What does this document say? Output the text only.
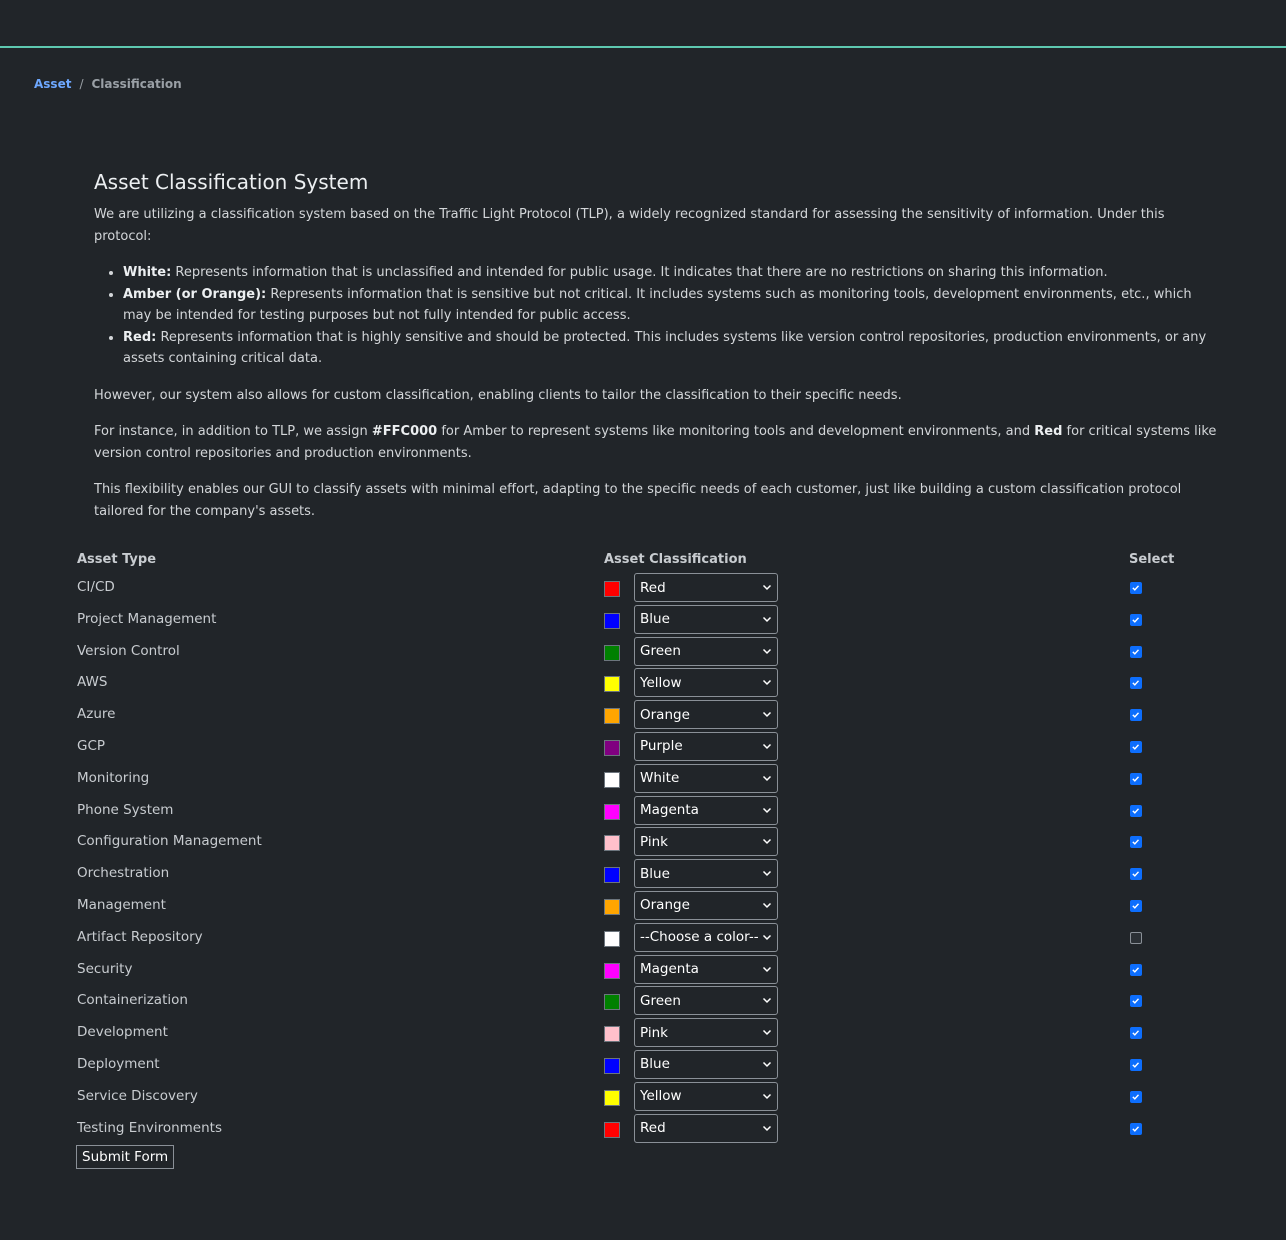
Asset / Classification
Asset Classification System

We are utilizing a classification system based on the Traffic Light Protocol (TLP), a widely recognized standard for assessing the sensitivity of information. Under this protocol:

• White: Represents information that is unclassified and intended for public usage. It indicates that there are no restrictions on sharing this information.
• Amber (or Orange): Represents information that is sensitive but not critical. It includes systems such as monitoring tools, development environments, etc., which may be intended for testing purposes but not fully intended for public access.
• Red: Represents information that is highly sensitive and should be protected. This includes systems like version control repositories, production environments, or any assets containing critical data.

However, our system also allows for custom classification, enabling clients to tailor the classification to their specific needs.

For instance, in addition to TLP, we assign #FFC000 for Amber to represent systems like monitoring tools and development environments, and Red for critical systems like version control repositories and production environments.

This flexibility enables our GUI to classify assets with minimal effort, adapting to the specific needs of each customer, just like building a custom classification protocol tailored for the company's assets.

Asset Type	Asset Classification	Select
CI/CD	Red
Project Management	Blue
Version Control	Green
AWS	Yellow
Azure	Orange
GCP	Purple
Monitoring	White
Phone System	Magenta
Configuration Management	Pink
Orchestration	Blue
Management	Orange
Artifact Repository	--Choose a color--
Security	Magenta
Containerization	Green
Development	Pink
Deployment	Blue
Service Discovery	Yellow
Testing Environments	Red
Submit Form
